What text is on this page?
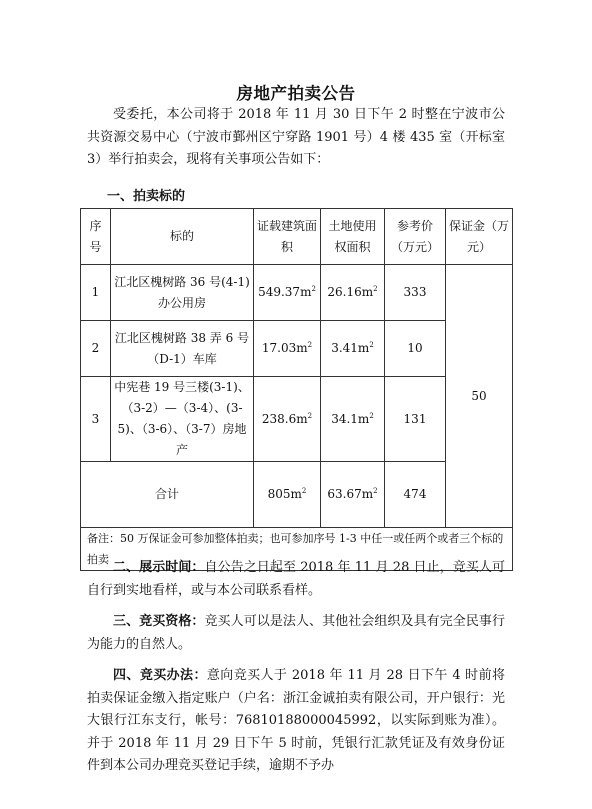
房地产拍卖公告
受委托，本公司将于 2018 年 11 月 30 日下午 2 时整在宁波市公共资源交易中心（宁波市鄞州区宁穿路 1901 号）4 楼 435 室（开标室 3）举行拍卖会，现将有关事项公告如下：
一、拍卖标的
序号	标的	证载建筑面积	土地使用权面积	参考价（万元）	保证金（万元）
1	江北区槐树路 36 号(4-1)办公用房	$549.37m^2$	$26.16m^2$	333	50
2	江北区槐树路 38 弄 6 号（D-1）车库	$17.03m^2$	$3.41m^2$	10	
3	中宪巷 19 号三楼(3-1)、（3-2）—（3-4）、(3-5)、（3-6）、（3-7）房地产	$238.6m^2$	$34.1m^2$	131	
合计		$805m^2$	$63.67m^2$	474	
备注：50 万保证金可参加整体拍卖；也可参加序号 1-3 中任一或任两个或者三个标的拍卖					
二、展示时间：自公告之日起至 2018 年 11 月 28 日止，竞买人可自行到实地看样，或与本公司联系看样。
三、竞买资格：竞买人可以是法人、其他社会组织及具有完全民事行为能力的自然人。
四、竞买办法：意向竞买人于 2018 年 11 月 28 日下午 4 时前将拍卖保证金缴入指定账户（户名：浙江金诚拍卖有限公司，开户银行：光大银行江东支行，帐号：76810188000045992，以实际到账为准）。并于 2018 年 11 月 29 日下午 5 时前，凭银行汇款凭证及有效身份证件到本公司办理竞买登记手续，逾期不予办
